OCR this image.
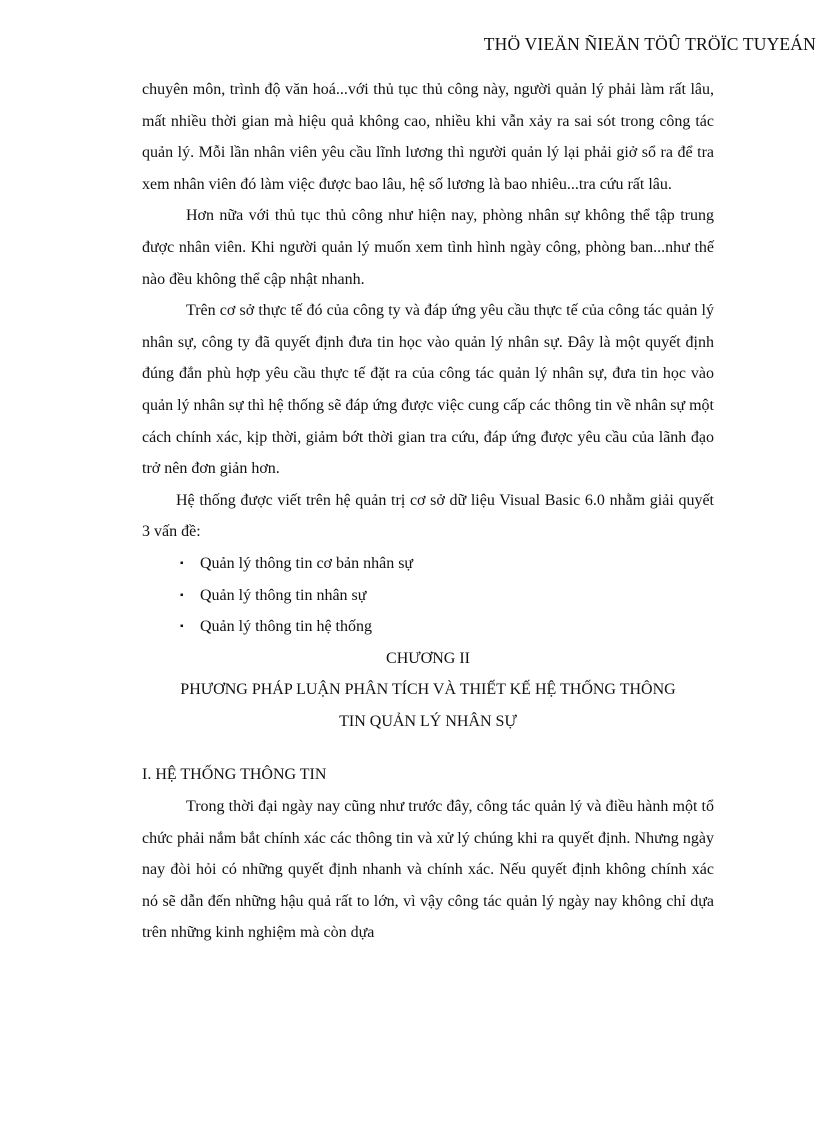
THÖ VIEÄN ÑIEÄN TÖÛ TRÖÏC TUYEÁN

chuyên môn, trình độ văn hoá...với thủ tục thủ công này, người quản lý phải làm rất lâu, mất nhiều thời gian mà hiệu quả không cao, nhiều khi vẫn xảy ra sai sót trong công tác quản lý. Mỗi lần nhân viên yêu cầu lĩnh lương thì người quản lý lại phải giở sổ ra để tra xem nhân viên đó làm việc được bao lâu, hệ số lương là bao nhiêu...tra cứu rất lâu.

Hơn nữa với thủ tục thủ công như hiện nay, phòng nhân sự không thể tập trung được nhân viên. Khi người quản lý muốn xem tình hình ngày công, phòng ban...như thế nào đều không thể cập nhật nhanh.

Trên cơ sở thực tế đó của công ty và đáp ứng yêu cầu thực tế của công tác quản lý nhân sự, công ty đã quyết định đưa tin học vào quản lý nhân sự. Đây là một quyết định đúng đắn phù hợp yêu cầu thực tế đặt ra của công tác quản lý nhân sự, đưa tin học vào quản lý nhân sự thì hệ thống sẽ đáp ứng được việc cung cấp các thông tin về nhân sự một cách chính xác, kịp thời, giảm bớt thời gian tra cứu, đáp ứng được yêu cầu của lãnh đạo trở nên đơn giản hơn.

Hệ thống được viết trên hệ quản trị cơ sở dữ liệu Visual Basic 6.0 nhằm giải quyết 3 vấn đề:

▪ Quản lý thông tin cơ bản nhân sự
▪ Quản lý thông tin nhân sự
▪ Quản lý thông tin hệ thống

CHƯƠNG II

PHƯƠNG PHÁP LUẬN PHÂN TÍCH VÀ THIẾT KẾ HỆ THỐNG THÔNG

TIN QUẢN LÝ NHÂN SỰ

I. HỆ THỐNG THÔNG TIN

Trong thời đại ngày nay cũng như trước đây, công tác quản lý và điều hành một tổ chức phải nắm bắt chính xác các thông tin và xử lý chúng khi ra quyết định. Nhưng ngày nay đòi hỏi có những quyết định nhanh và chính xác. Nếu quyết định không chính xác nó sẽ dẫn đến những hậu quả rất to lớn, vì vậy công tác quản lý ngày nay không chỉ dựa trên những kinh nghiệm mà còn dựa
